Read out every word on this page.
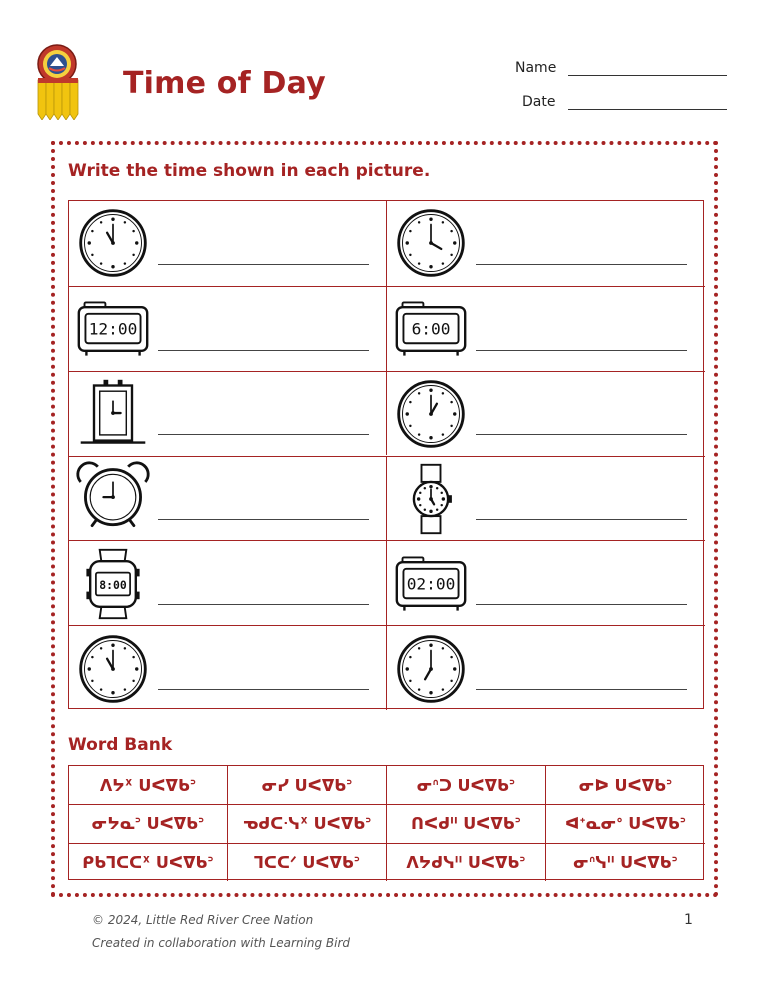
Time of Day	Name
Date
Write the time shown in each picture.
12:00	6:00
8:00	02:00
Word Bank
ᐱᔭᕽ ᑌᐸᐁᑲᐣ	ᓂᓯ ᑌᐸᐁᑲᐣ	ᓂᐢᑐ ᑌᐸᐁᑲᐣ	ᓂᐅ ᑌᐸᐁᑲᐣ
ᓂᔭᓇᐣ ᑌᐸᐁᑲᐣ	ᓀᑯᑕᐧᓭᕽ ᑌᐸᐁᑲᐣ	ᑎᐸᑯᐦ ᑌᐸᐁᑲᐣ	ᐊᐩᓇᓂᐤ ᑌᐸᐁᑲᐣ
ᑭᑲᒣᑕᑕᕽ ᑌᐸᐁᑲᐣ	ᒣᑕᑕᐟ ᑌᐸᐁᑲᐣ	ᐱᔭᑯᓭᐦ ᑌᐸᐁᑲᐣ	ᓂᐢᓭᐦ ᑌᐸᐁᑲᐣ
© 2024, Little Red River Cree Nation
Created in collaboration with Learning Bird
1
